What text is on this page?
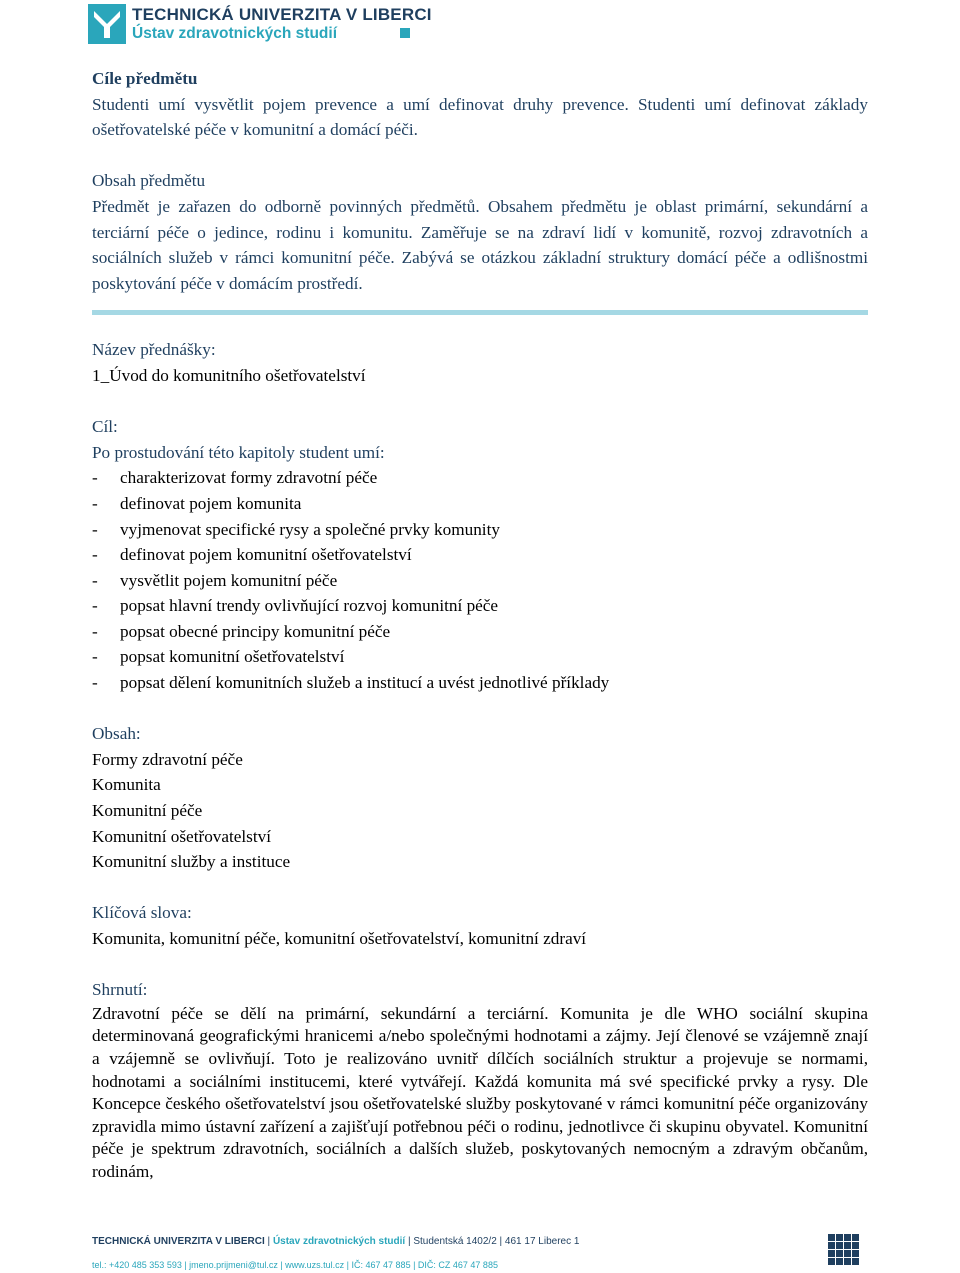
TECHNICKÁ UNIVERZITA V LIBERCI
Ústav zdravotnických studií

Cíle předmětu

Studenti umí vysvětlit pojem prevence a umí definovat druhy prevence. Studenti umí definovat základy ošetřovatelské péče v komunitní a domácí péči.

Obsah předmětu

Předmět je zařazen do odborně povinných předmětů. Obsahem předmětu je oblast primární, sekundární a terciární péče o jedince, rodinu i komunitu. Zaměřuje se na zdraví lidí v komunitě, rozvoj zdravotních a sociálních služeb v rámci komunitní péče. Zabývá se otázkou základní struktury domácí péče a odlišnostmi poskytování péče v domácím prostředí.

Název přednášky:

1_Úvod do komunitního ošetřovatelství

Cíl:

Po prostudování této kapitoly student umí:

-	charakterizovat formy zdravotní péče
-	definovat pojem komunita
-	vyjmenovat specifické rysy a společné prvky komunity
-	definovat pojem komunitní ošetřovatelství
-	vysvětlit pojem komunitní péče
-	popsat hlavní trendy ovlivňující rozvoj komunitní péče
-	popsat obecné principy komunitní péče
-	popsat komunitní ošetřovatelství
-	popsat dělení komunitních služeb a institucí a uvést jednotlivé příklady

Obsah:

Formy zdravotní péče
Komunita
Komunitní péče
Komunitní ošetřovatelství
Komunitní služby a instituce

Klíčová slova:

Komunita, komunitní péče, komunitní ošetřovatelství, komunitní zdraví

Shrnutí:

Zdravotní péče se dělí na primární, sekundární a terciární. Komunita je dle WHO sociální skupina determinovaná geografickými hranicemi a/nebo společnými hodnotami a zájmy. Její členové se vzájemně znají a vzájemně se ovlivňují. Toto je realizováno uvnitř dílčích sociálních struktur a projevuje se normami, hodnotami a sociálními institucemi, které vytvářejí. Každá komunita má své specifické prvky a rysy. Dle Koncepce českého ošetřovatelství jsou ošetřovatelské služby poskytované v rámci komunitní péče organizovány zpravidla mimo ústavní zařízení a zajišťují potřebnou péči o rodinu, jednotlivce či skupinu obyvatel. Komunitní péče je spektrum zdravotních, sociálních a dalších služeb, poskytovaných nemocným a zdravým občanům, rodinám,

TECHNICKÁ UNIVERZITA V LIBERCI | Ústav zdravotnických studií | Studentská 1402/2 | 461 17 Liberec 1
tel.: +420 485 353 593 | jmeno.prijmeni@tul.cz | www.uzs.tul.cz | IČ: 467 47 885 | DIČ: CZ 467 47 885
